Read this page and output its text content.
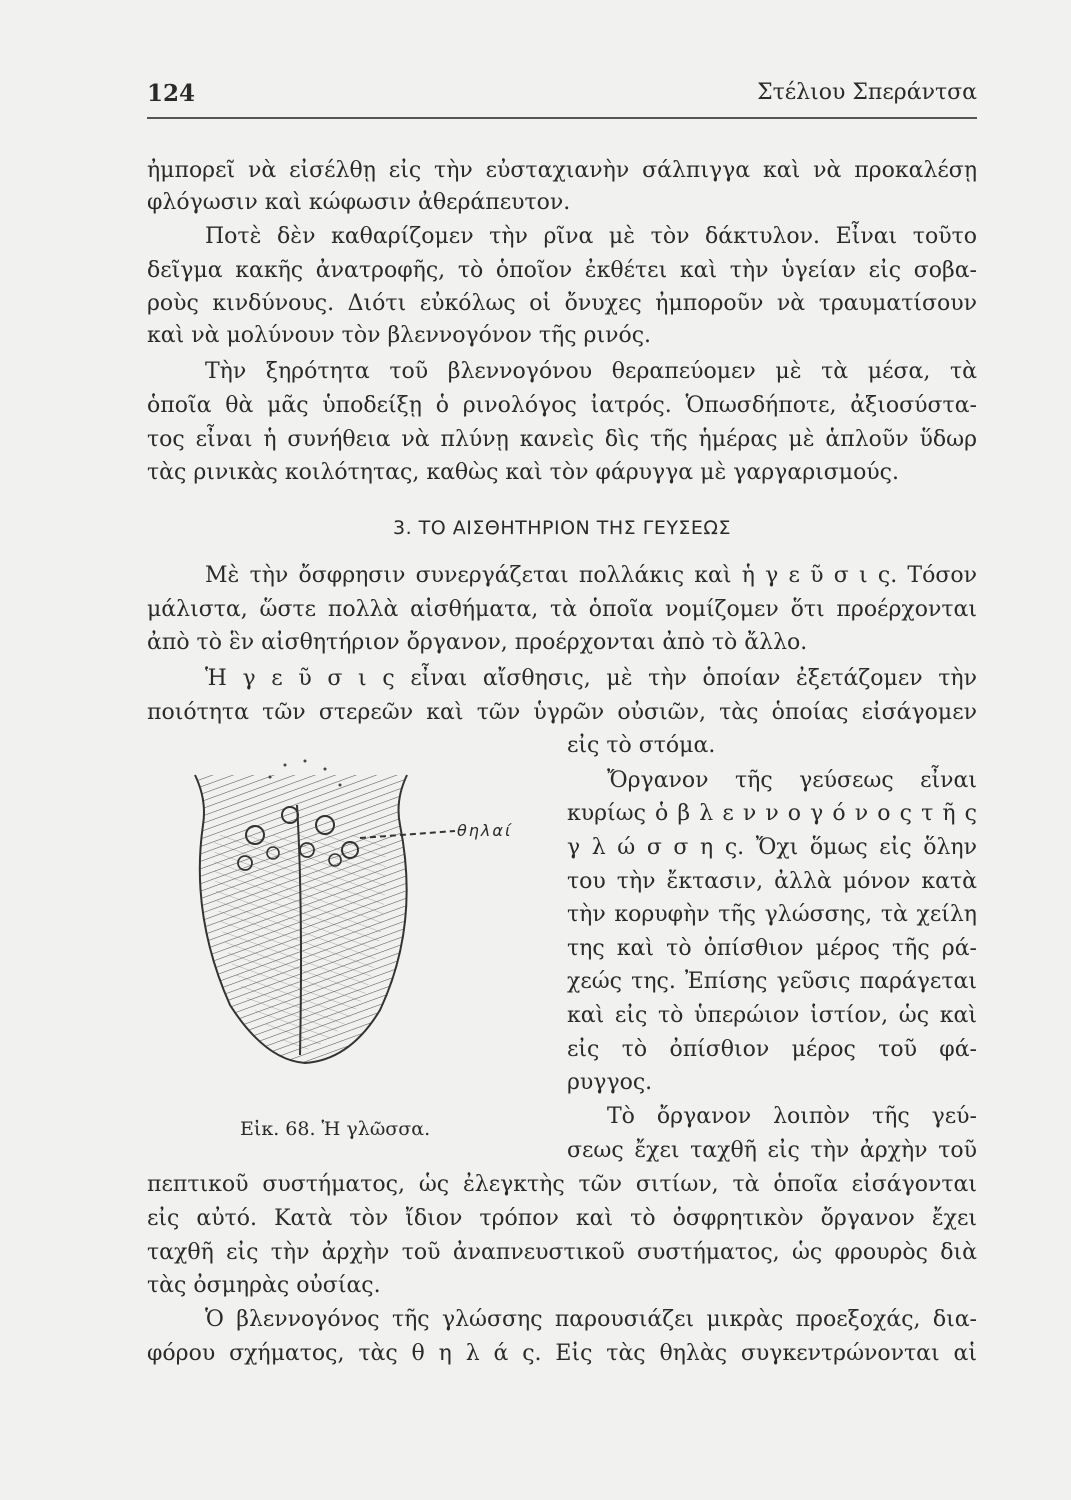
124	Στέλιου Σπεράντσα
ἠμπορεῖ νὰ εἰσέλθῃ εἰς τὴν εὐσταχιανὴν σάλπιγγα καὶ νὰ προκαλέσῃ
φλόγωσιν καὶ κώφωσιν ἀθεράπευτον.
Ποτὲ δὲν καθαρίζομεν τὴν ρῖνα μὲ τὸν δάκτυλον. Εἶναι τοῦτο
δεῖγμα κακῆς ἀνατροφῆς, τὸ ὁποῖον ἐκθέτει καὶ τὴν ὑγείαν εἰς σοβα-
ροὺς κινδύνους. Διότι εὐκόλως οἱ ὄνυχες ἠμποροῦν νὰ τραυματίσουν
καὶ νὰ μολύνουν τὸν βλεννογόνον τῆς ρινός.
Τὴν ξηρότητα τοῦ βλεννογόνου θεραπεύομεν μὲ τὰ μέσα, τὰ
ὁποῖα θὰ μᾶς ὑποδείξῃ ὁ ρινολόγος ἰατρός. Ὁπωσδήποτε, ἀξιοσύστα-
τος εἶναι ἡ συνήθεια νὰ πλύνῃ κανεὶς δὶς τῆς ἡμέρας μὲ ἁπλοῦν ὕδωρ
τὰς ρινικὰς κοιλότητας, καθὼς καὶ τὸν φάρυγγα μὲ γαργαρισμούς.
3. ΤΟ ΑΙΣΘΗΤΗΡΙΟΝ ΤΗΣ ΓΕΥΣΕΩΣ
Μὲ τὴν ὄσφρησιν συνεργάζεται πολλάκις καὶ ἡ γ ε ῦ σ ι ς. Τόσον
μάλιστα, ὥστε πολλὰ αἰσθήματα, τὰ ὁποῖα νομίζομεν ὅτι προέρχονται
ἀπὸ τὸ ἓν αἰσθητήριον ὄργανον, προέρχονται ἀπὸ τὸ ἄλλο.
Ἡ γ ε ῦ σ ι ς εἶναι αἴσθησις, μὲ τὴν ὁποίαν ἐξετάζομεν τὴν
ποιότητα τῶν στερεῶν καὶ τῶν ὑγρῶν οὐσιῶν, τὰς ὁποίας εἰσάγομεν
εἰς τὸ στόμα.
Ὄργανον τῆς γεύσεως εἶναι
κυρίως ὁ β λ ε ν ν ο γ ό ν ο ς τ ῆ ς
γ λ ώ σ σ η ς. Ὄχι ὅμως εἰς ὅλην
του τὴν ἔκτασιν, ἀλλὰ μόνον κατὰ
τὴν κορυφὴν τῆς γλώσσης, τὰ χείλη
της καὶ τὸ ὀπίσθιον μέρος τῆς ρά-
χεώς της. Ἐπίσης γεῦσις παράγεται
καὶ εἰς τὸ ὑπερώιον ἱστίον, ὡς καὶ
εἰς τὸ ὀπίσθιον μέρος τοῦ φά-
ρυγγος.
Τὸ ὄργανον λοιπὸν τῆς γεύ-
σεως ἔχει ταχθῆ εἰς τὴν ἀρχὴν τοῦ
πεπτικοῦ συστήματος, ὡς ἐλεγκτὴς τῶν σιτίων, τὰ ὁποῖα εἰσάγονται
εἰς αὐτό. Κατὰ τὸν ἴδιον τρόπον καὶ τὸ ὀσφρητικὸν ὄργανον ἔχει
ταχθῆ εἰς τὴν ἀρχὴν τοῦ ἀναπνευστικοῦ συστήματος, ὡς φρουρὸς διὰ
τὰς ὀσμηρὰς οὐσίας.
Ὁ βλεννογόνος τῆς γλώσσης παρουσιάζει μικρὰς προεξοχάς, δια-
φόρου σχήματος, τὰς θ η λ ά ς. Εἰς τὰς θηλὰς συγκεντρώνονται αἱ
θηλαί
Εἰκ. 68. Ἡ γλῶσσα.
